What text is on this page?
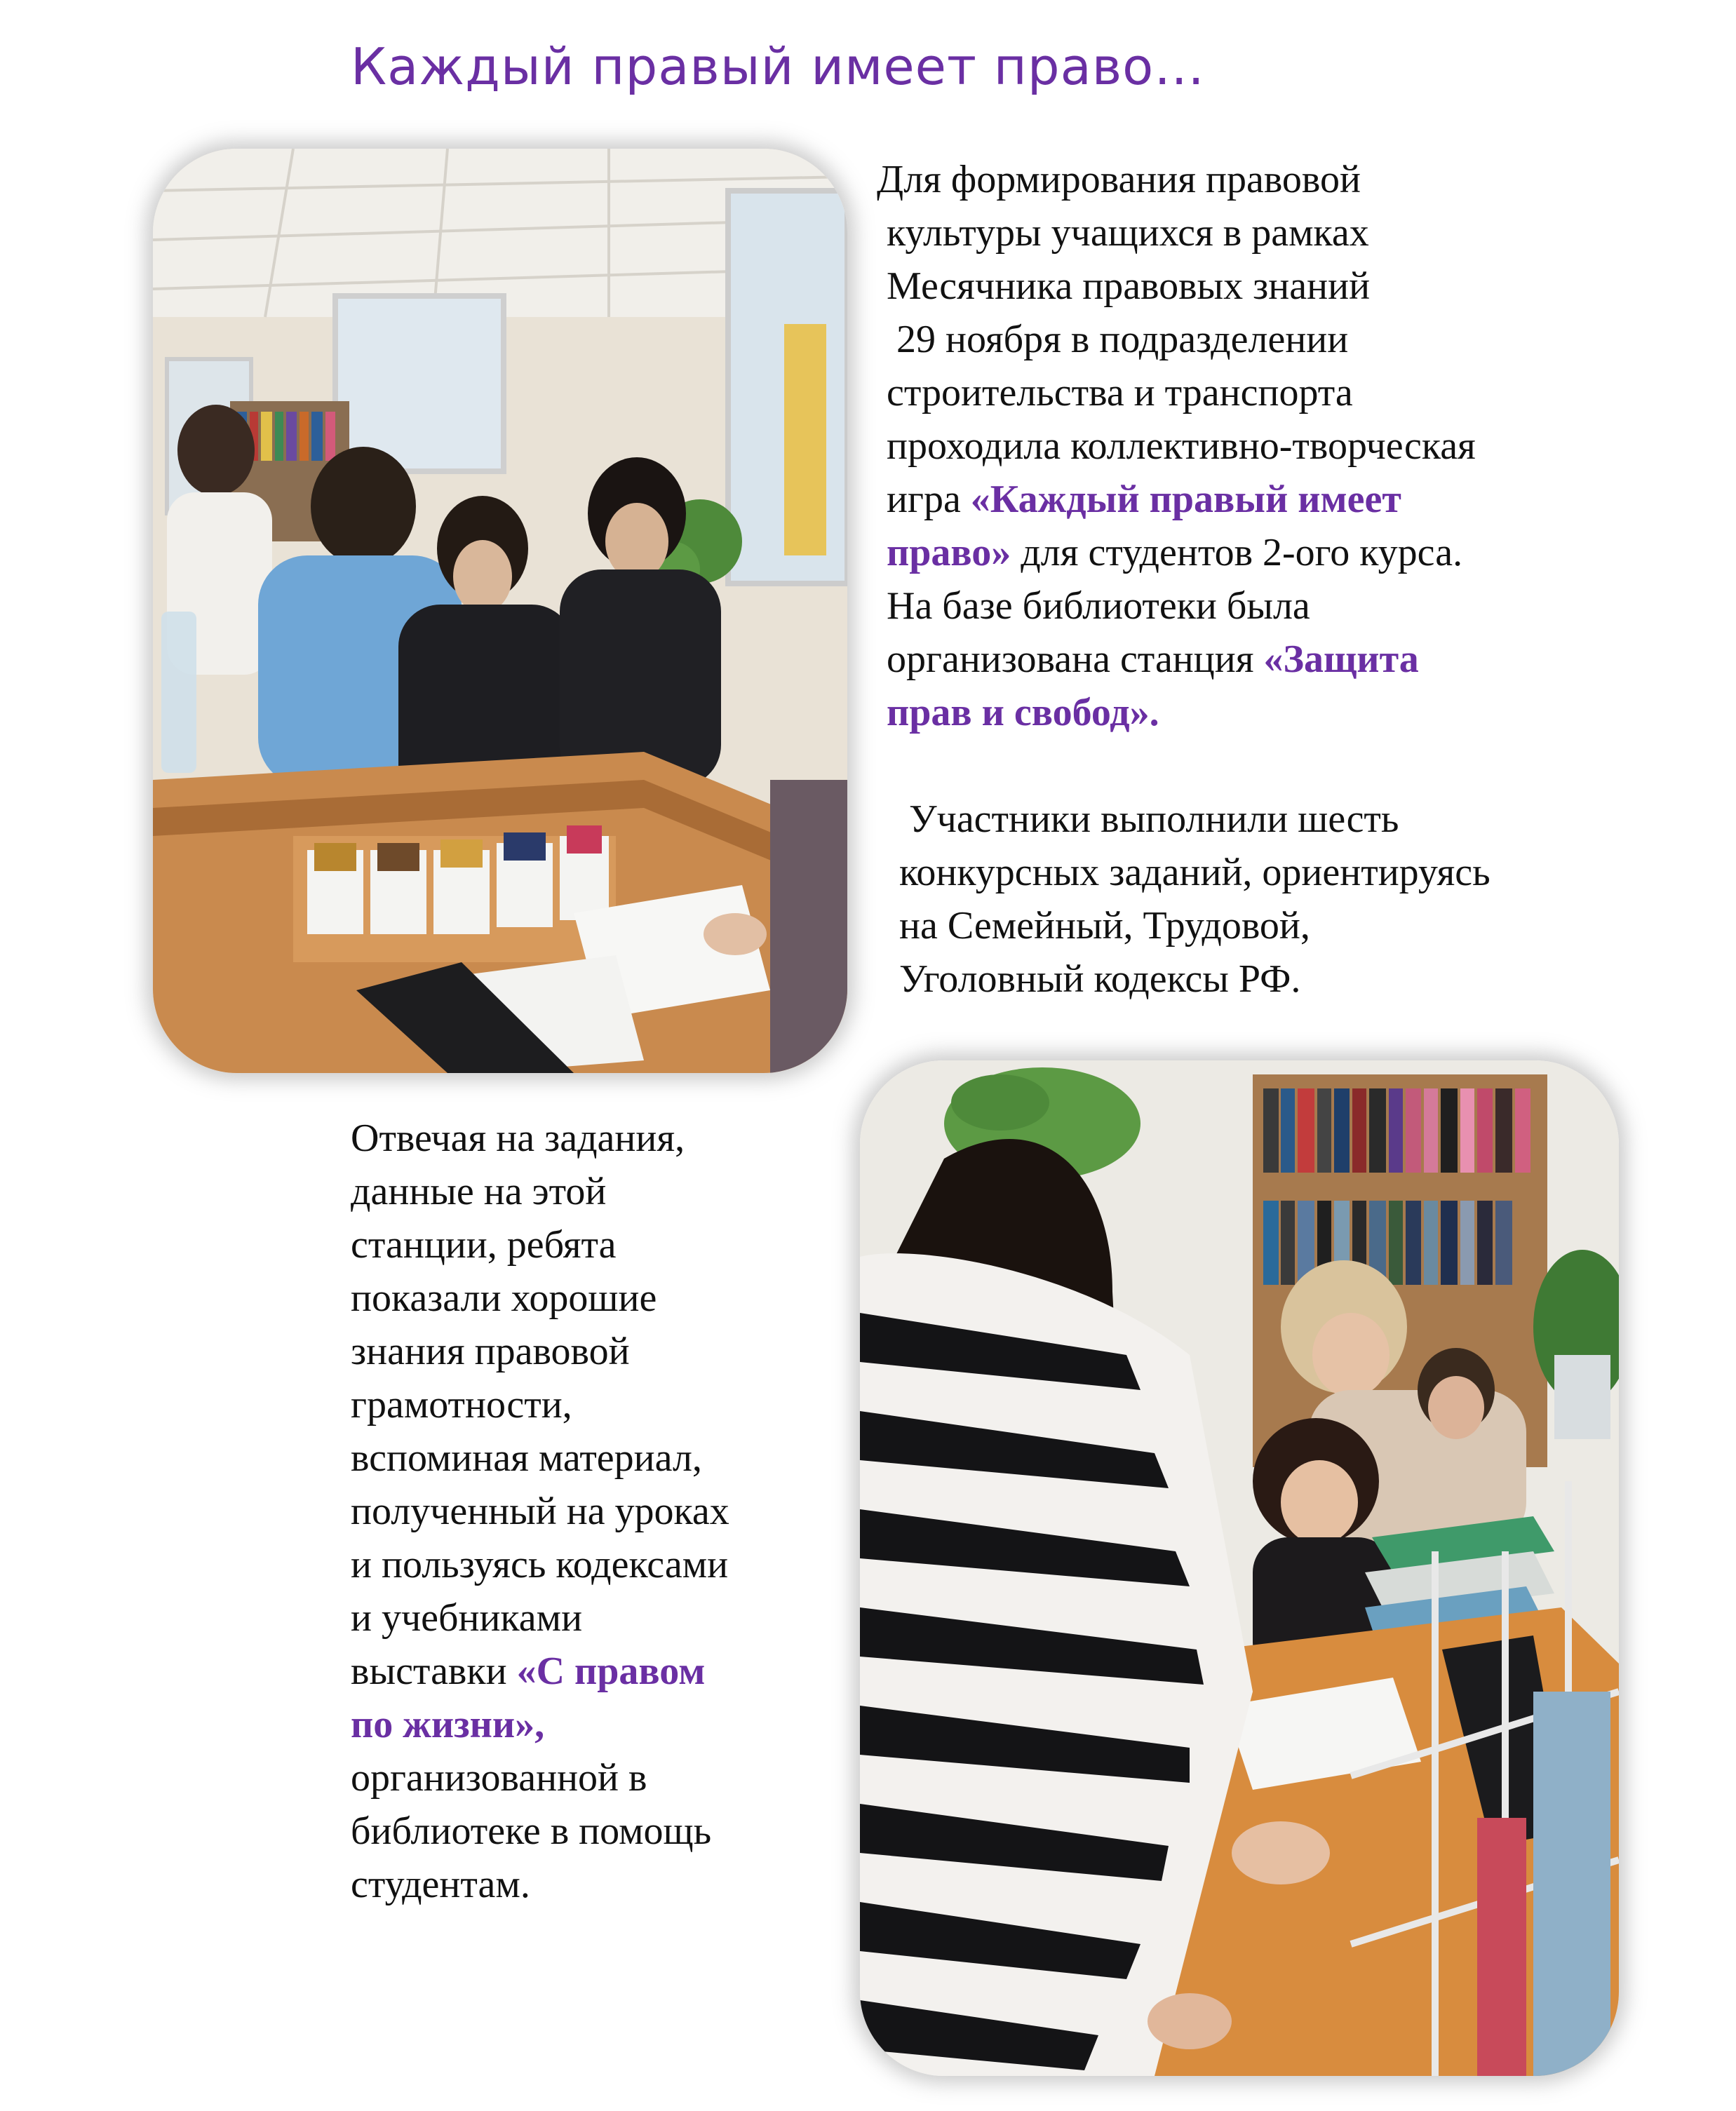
Каждый правый имеет право…

Для формирования правовой
культуры учащихся в рамках
Месячника правовых знаний
29 ноября в подразделении
строительства и транспорта
проходила коллективно-творческая
игра «Каждый правый имеет
право» для студентов 2-ого курса.
На базе библиотеки была
организована станция «Защита
прав и свобод».

Участники выполнили шесть
конкурсных заданий, ориентируясь
на Семейный, Трудовой,
Уголовный кодексы РФ.

Отвечая на задания,
данные на этой
станции, ребята
показали хорошие
знания правовой
грамотности,
вспоминая материал,
полученный на уроках
и пользуясь кодексами
и учебниками
выставки «С правом
по жизни»,
организованной в
библиотеке в помощь
студентам.
